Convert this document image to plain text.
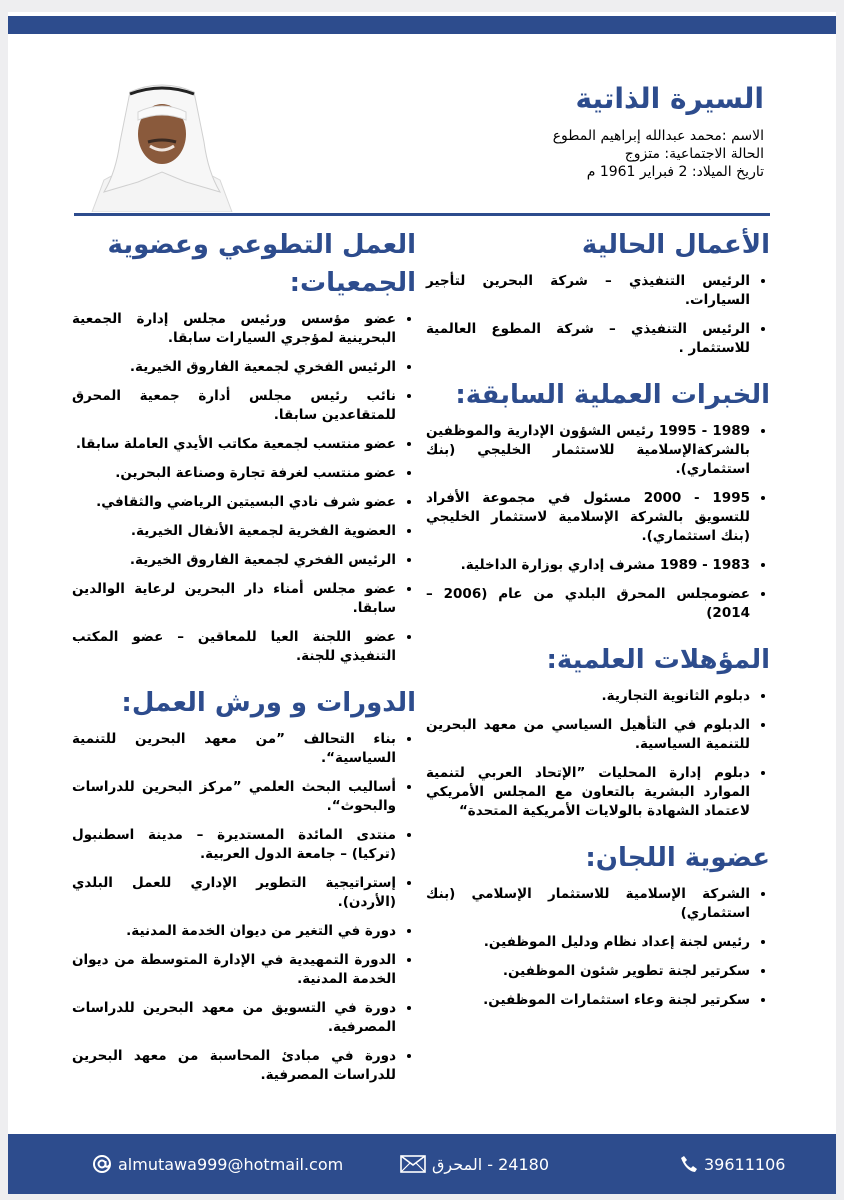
السيرة الذاتية

الاسم :محمد عبدالله إبراهيم المطوع

الحالة الاجتماعية: متزوج

تاريخ الميلاد: 2 فبراير 1961 م

الأعمال الحالية
• الرئيس التنفيذي – شركة البحرين لتأجير السيارات.
• الرئيس التنفيذي – شركة المطوع العالمية للاستثمار .
الخبرات العملية السابقة:
• 1989 - 1995 رئيس الشؤون الإدارية والموظفين بالشركةالإسلامية للاستثمار الخليجي (بنك استثماري).
• 1995 - 2000 مسئول في مجموعة الأفراد للتسويق بالشركة الإسلامية لاستثمار الخليجي (بنك استثماري).
• 1983 - 1989 مشرف إداري بوزارة الداخلية.
• عضومجلس المحرق البلدي من عام (2006 – 2014)
المؤهلات العلمية:
• دبلوم الثانوية التجارية.
• الدبلوم في التأهيل السياسي من معهد البحرين للتنمية السياسية.
• دبلوم إدارة المحليات ”الإتحاد العربي لتنمية الموارد البشرية بالتعاون مع المجلس الأمريكي لاعتماد الشهادة بالولايات الأمريكية المتحدة“
عضوية اللجان:
• الشركة الإسلامية للاستثمار الإسلامي (بنك استثماري)
• رئيس لجنة إعداد نظام ودليل الموظفين.
• سكرتير لجنة تطوير شئون الموظفين.
• سكرتير لجنة وعاء استثمارات الموظفين.
العمل التطوعي وعضوية الجمعيات:
• عضو مؤسس ورئيس مجلس إدارة الجمعية البحرينية لمؤجري السيارات سابقا.
• الرئيس الفخري لجمعية الفاروق الخيرية.
• نائب رئيس مجلس أدارة جمعية المحرق للمتقاعدين سابقا.
• عضو منتسب لجمعية مكاتب الأيدي العاملة سابقا.
• عضو منتسب لغرفة تجارة وصناعة البحرين.
• عضو شرف نادي البسيتين الرياضي والثقافي.
• العضوية الفخرية لجمعية الأنفال الخيرية.
• الرئيس الفخري لجمعية الفاروق الخيرية.
• عضو مجلس أمناء دار البحرين لرعاية الوالدين سابقا.
• عضو اللجنة العيا للمعاقين – عضو المكتب التنفيذي للجنة.
الدورات و ورش العمل:
• بناء التحالف ”من معهد البحرين للتنمية السياسية“.
• أساليب البحث العلمي ”مركز البحرين للدراسات والبحوث“.
• منتدى المائدة المستديرة – مدينة اسطنبول (تركيا) – جامعة الدول العربية.
• إستراتيجية التطوير الإداري للعمل البلدي (الأردن).
• دورة في التغير من ديوان الخدمة المدنية.
• الدورة التمهيدية في الإدارة المتوسطة من ديوان الخدمة المدنية.
• دورة في التسويق من معهد البحرين للدراسات المصرفية.
• دورة في مبادئ المحاسبة من معهد البحرين للدراسات المصرفية.
almutawa999@hotmail.com	24180 - المحرق	39611106
